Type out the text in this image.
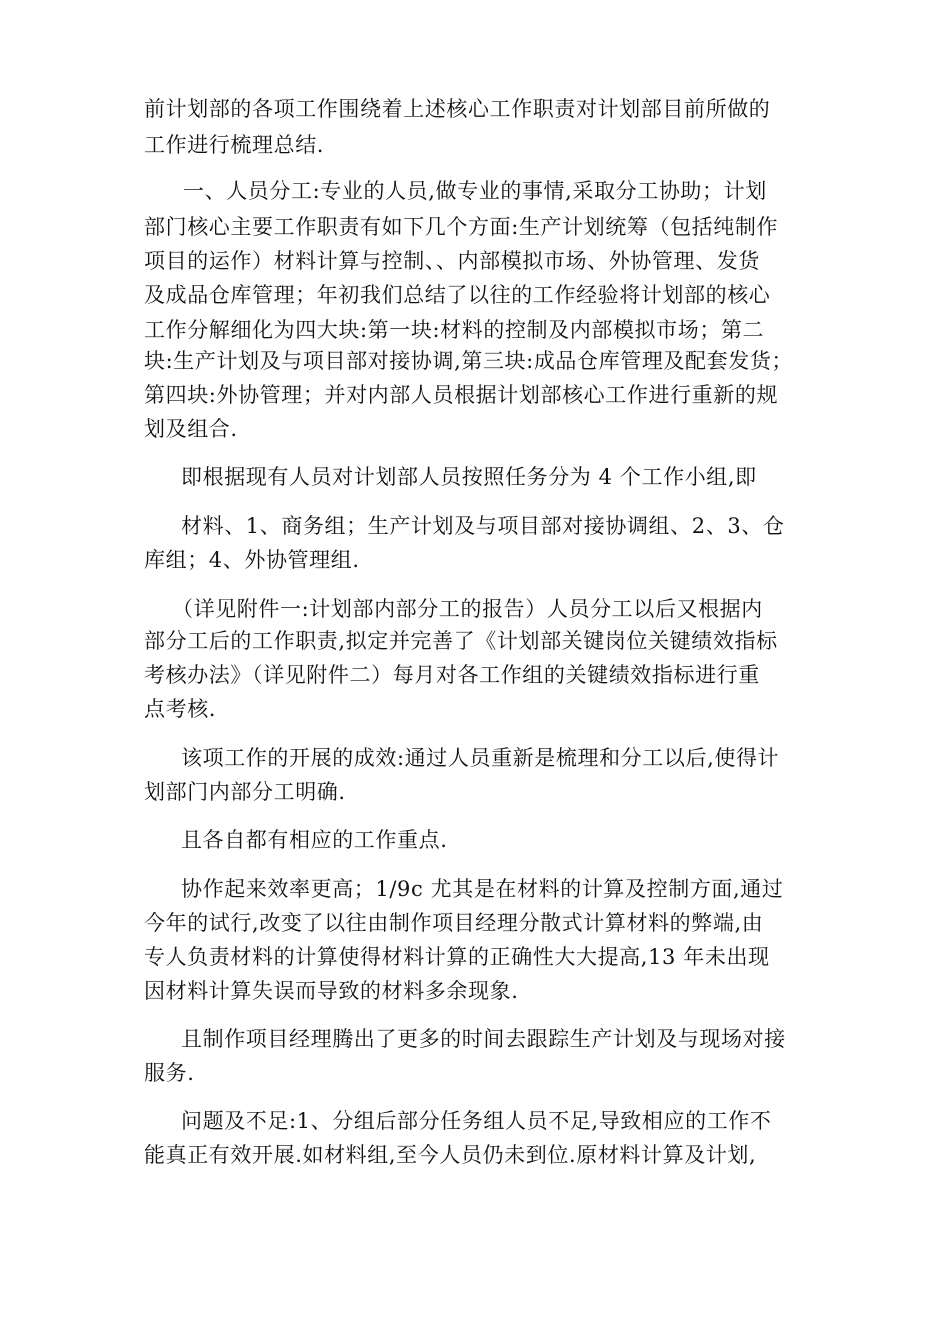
前计划部的各项工作围绕着上述核心工作职责对计划部目前所做的

工作进行梳理总结.

一、人员分工:专业的人员,做专业的事情,采取分工协助；计划

部门核心主要工作职责有如下几个方面:生产计划统筹（包括纯制作

项目的运作）材料计算与控制、、内部模拟市场、外协管理、发货

及成品仓库管理；年初我们总结了以往的工作经验将计划部的核心

工作分解细化为四大块:第一块:材料的控制及内部模拟市场；第二

块:生产计划及与项目部对接协调,第三块:成品仓库管理及配套发货；

第四块:外协管理；并对内部人员根据计划部核心工作进行重新的规

划及组合.

即根据现有人员对计划部人员按照任务分为 4 个工作小组,即

材料、1、商务组；生产计划及与项目部对接协调组、2、3、仓

库组；4、外协管理组.

（详见附件一:计划部内部分工的报告）人员分工以后又根据内

部分工后的工作职责,拟定并完善了《计划部关键岗位关键绩效指标

考核办法》（详见附件二）每月对各工作组的关键绩效指标进行重

点考核.

该项工作的开展的成效:通过人员重新是梳理和分工以后,使得计

划部门内部分工明确.

且各自都有相应的工作重点.

协作起来效率更高；1/9c 尤其是在材料的计算及控制方面,通过

今年的试行,改变了以往由制作项目经理分散式计算材料的弊端,由

专人负责材料的计算使得材料计算的正确性大大提高,13 年未出现

因材料计算失误而导致的材料多余现象.

且制作项目经理腾出了更多的时间去跟踪生产计划及与现场对接

服务.

问题及不足:1、分组后部分任务组人员不足,导致相应的工作不

能真正有效开展.如材料组,至今人员仍未到位.原材料计算及计划,
